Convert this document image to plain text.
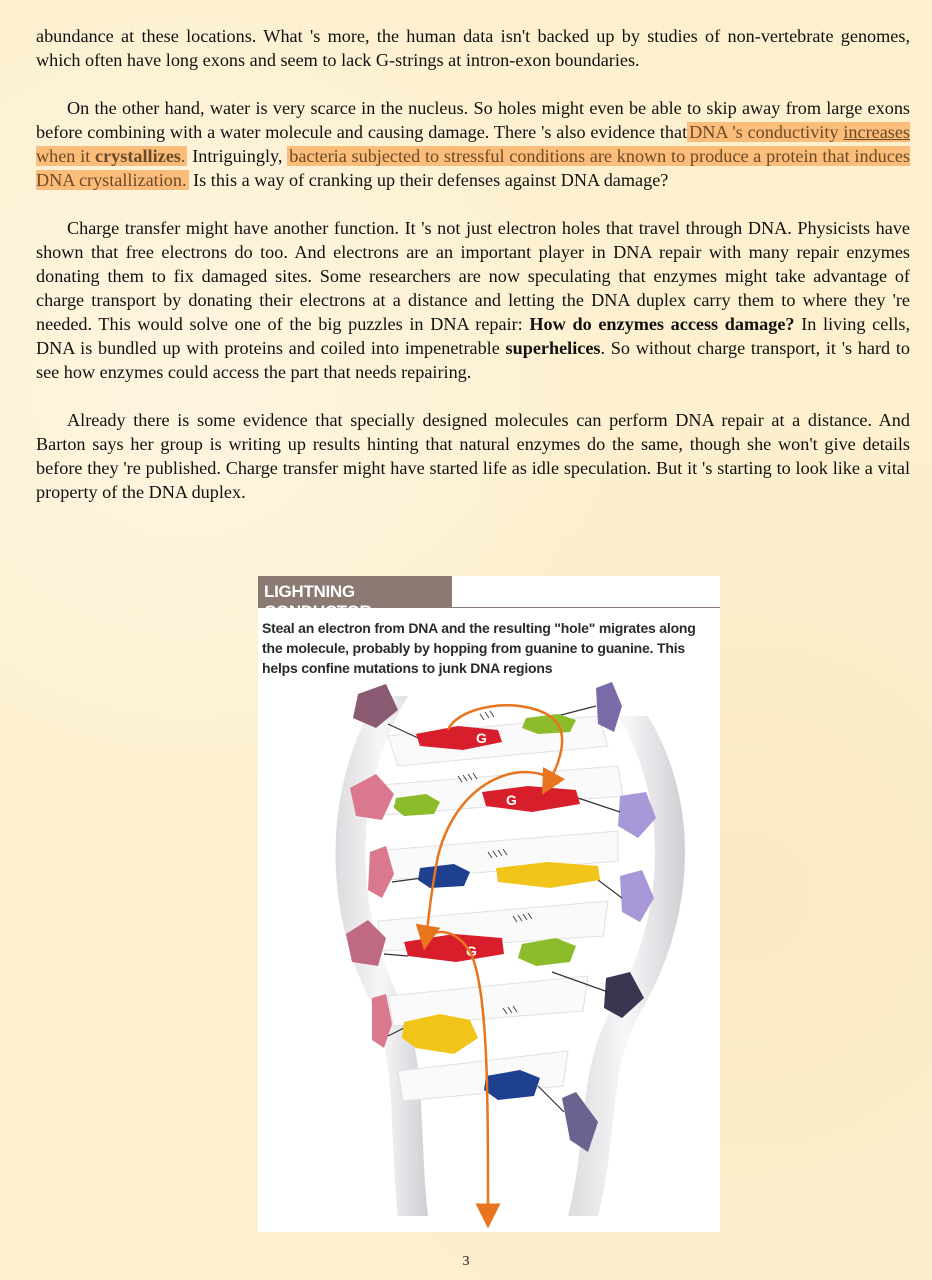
abundance at these locations. What 's more, the human data isn't backed up by studies of non-vertebrate genomes, which often have long exons and seem to lack G-strings at intron-exon boundaries.

On the other hand, water is very scarce in the nucleus. So holes might even be able to skip away from large exons before combining with a water molecule and causing damage. There 's also evidence that DNA 's conductivity increases when it crystallizes. Intriguingly, bacteria subjected to stressful conditions are known to produce a protein that induces DNA crystallization. Is this a way of cranking up their defenses against DNA damage?

Charge transfer might have another function. It 's not just electron holes that travel through DNA. Physicists have shown that free electrons do too. And electrons are an important player in DNA repair with many repair enzymes donating them to fix damaged sites. Some researchers are now speculating that enzymes might take advantage of charge transport by donating their electrons at a distance and letting the DNA duplex carry them to where they 're needed. This would solve one of the big puzzles in DNA repair: How do enzymes access damage? In living cells, DNA is bundled up with proteins and coiled into impenetrable superhelices. So without charge transport, it 's hard to see how enzymes could access the part that needs repairing.

Already there is some evidence that specially designed molecules can perform DNA repair at a distance. And Barton says her group is writing up results hinting that natural enzymes do the same, though she won't give details before they 're published. Charge transfer might have started life as idle speculation. But it 's starting to look like a vital property of the DNA duplex.

LIGHTNING CONDUCTOR
Steal an electron from DNA and the resulting "hole" migrates along the molecule, probably by hopping from guanine to guanine. This helps confine mutations to junk DNA regions
G
G
G
3
